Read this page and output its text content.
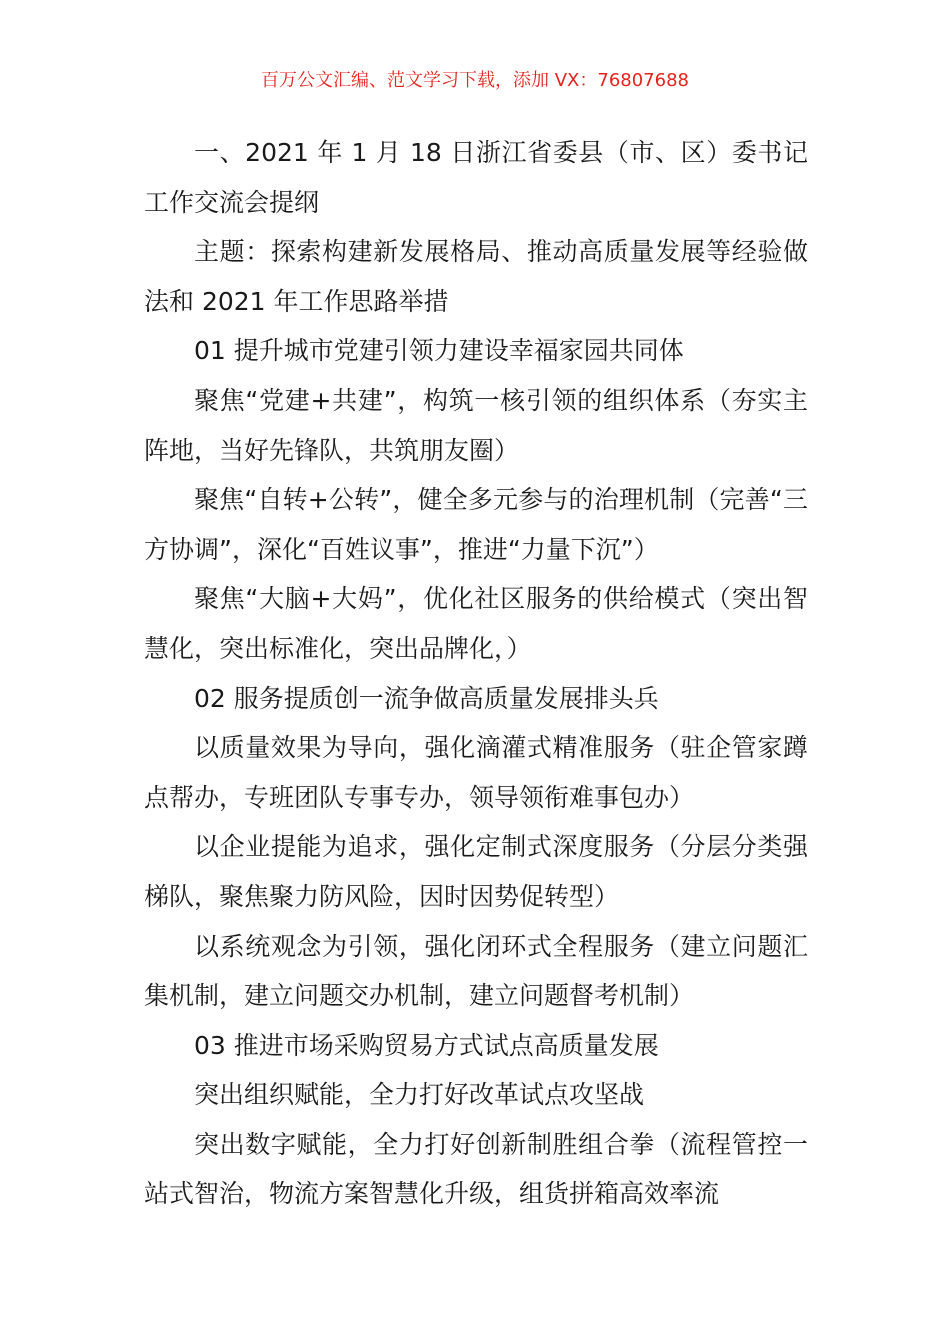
百万公文汇编、范文学习下载，添加 VX：76807688

一、2021 年 1 月 18 日浙江省委县（市、区）委书记工作交流会提纲

主题：探索构建新发展格局、推动高质量发展等经验做法和 2021 年工作思路举措

01 提升城市党建引领力建设幸福家园共同体

聚焦“党建+共建”，构筑一核引领的组织体系（夯实主阵地，当好先锋队，共筑朋友圈）

聚焦“自转+公转”，健全多元参与的治理机制（完善“三方协调”，深化“百姓议事”，推进“力量下沉”）

聚焦“大脑+大妈”，优化社区服务的供给模式（突出智慧化，突出标准化，突出品牌化，）

02 服务提质创一流争做高质量发展排头兵

以质量效果为导向，强化滴灌式精准服务（驻企管家蹲点帮办，专班团队专事专办，领导领衔难事包办）

以企业提能为追求，强化定制式深度服务（分层分类强梯队，聚焦聚力防风险，因时因势促转型）

以系统观念为引领，强化闭环式全程服务（建立问题汇集机制，建立问题交办机制，建立问题督考机制）

03 推进市场采购贸易方式试点高质量发展

突出组织赋能，全力打好改革试点攻坚战

突出数字赋能，全力打好创新制胜组合拳（流程管控一站式智治，物流方案智慧化升级，组货拼箱高效率流
